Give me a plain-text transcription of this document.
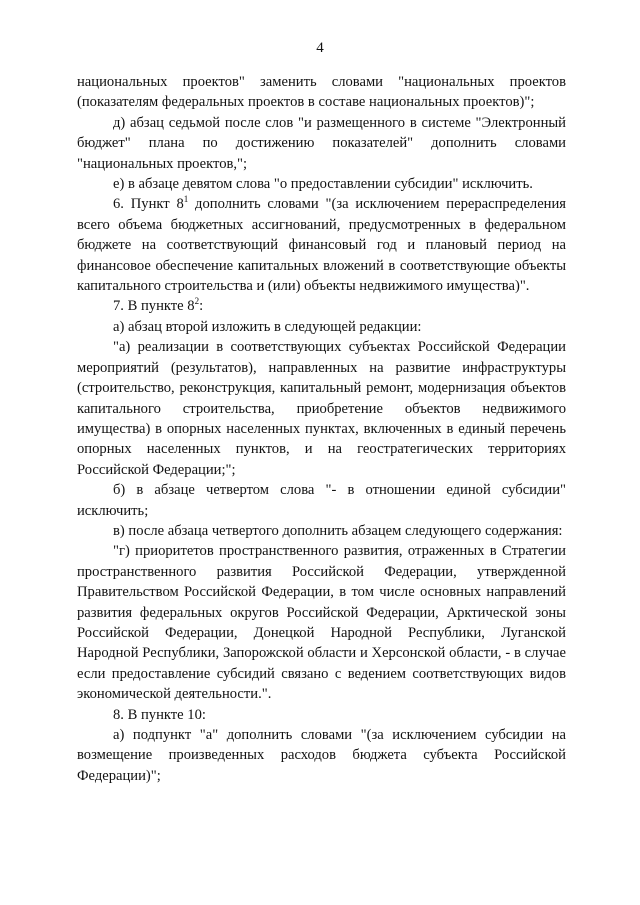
4

национальных проектов" заменить словами "национальных проектов (показателям федеральных проектов в составе национальных проектов)";

д) абзац седьмой после слов "и размещенного в системе "Электронный бюджет" плана по достижению показателей" дополнить словами "национальных проектов,";

е) в абзаце девятом слова "о предоставлении субсидии" исключить.

6. Пункт $8^1$ дополнить словами "(за исключением перераспределения всего объема бюджетных ассигнований, предусмотренных в федеральном бюджете на соответствующий финансовый год и плановый период на финансовое обеспечение капитальных вложений в соответствующие объекты капитального строительства и (или) объекты недвижимого имущества)".

7. В пункте $8^2$:

а) абзац второй изложить в следующей редакции:

"а) реализации в соответствующих субъектах Российской Федерации мероприятий (результатов), направленных на развитие инфраструктуры (строительство, реконструкция, капитальный ремонт, модернизация объектов капитального строительства, приобретение объектов недвижимого имущества) в опорных населенных пунктах, включенных в единый перечень опорных населенных пунктов, и на геостратегических территориях Российской Федерации;";

б) в абзаце четвертом слова "- в отношении единой субсидии" исключить;

в) после абзаца четвертого дополнить абзацем следующего содержания:

"г) приоритетов пространственного развития, отраженных в Стратегии пространственного развития Российской Федерации, утвержденной Правительством Российской Федерации, в том числе основных направлений развития федеральных округов Российской Федерации, Арктической зоны Российской Федерации, Донецкой Народной Республики, Луганской Народной Республики, Запорожской области и Херсонской области, - в случае если предоставление субсидий связано с ведением соответствующих видов экономической деятельности.".

8. В пункте 10:

а) подпункт "а" дополнить словами "(за исключением субсидии на возмещение произведенных расходов бюджета субъекта Российской Федерации)";
